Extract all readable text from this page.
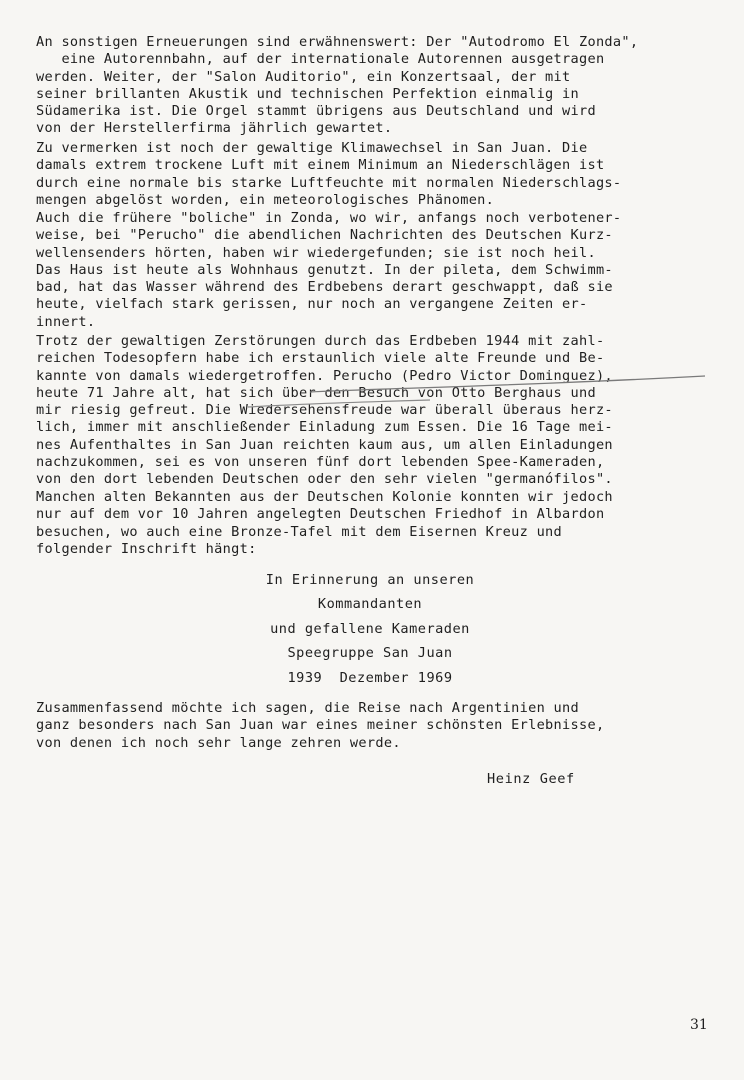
An sonstigen Erneuerungen sind erwähnenswert: Der "Autodromo El Zonda",
eine Autorennbahn, auf der internationale Autorennen ausgetragen
werden. Weiter, der "Salon Auditorio", ein Konzertsaal, der mit
seiner brillanten Akustik und technischen Perfektion einmalig in
Südamerika ist. Die Orgel stammt übrigens aus Deutschland und wird
von der Herstellerfirma jährlich gewartet.

Zu vermerken ist noch der gewaltige Klimawechsel in San Juan. Die
damals extrem trockene Luft mit einem Minimum an Niederschlägen ist
durch eine normale bis starke Luftfeuchte mit normalen Niederschlags-
mengen abgelöst worden, ein meteorologisches Phänomen.

Auch die frühere "boliche" in Zonda, wo wir, anfangs noch verbotener-
weise, bei "Perucho" die abendlichen Nachrichten des Deutschen Kurz-
wellensenders hörten, haben wir wiedergefunden; sie ist noch heil.
Das Haus ist heute als Wohnhaus genutzt. In der pileta, dem Schwimm-
bad, hat das Wasser während des Erdbebens derart geschwappt, daß sie
heute, vielfach stark gerissen, nur noch an vergangene Zeiten er-
innert.

Trotz der gewaltigen Zerstörungen durch das Erdbeben 1944 mit zahl-
reichen Todesopfern habe ich erstaunlich viele alte Freunde und Be-
kannte von damals wiedergetroffen. Perucho (Pedro Victor Dominguez),
heute 71 Jahre alt, hat sich über den Besuch von Otto Berghaus und
mir riesig gefreut. Die Wiedersehensfreude war überall überaus herz-
lich, immer mit anschließender Einladung zum Essen. Die 16 Tage mei-
nes Aufenthaltes in San Juan reichten kaum aus, um allen Einladungen
nachzukommen, sei es von unseren fünf dort lebenden Spee-Kameraden,
von den dort lebenden Deutschen oder den sehr vielen "germanófilos".

Manchen alten Bekannten aus der Deutschen Kolonie konnten wir jedoch
nur auf dem vor 10 Jahren angelegten Deutschen Friedhof in Albardon
besuchen, wo auch eine Bronze-Tafel mit dem Eisernen Kreuz und
folgender Inschrift hängt:

In Erinnerung an unseren
Kommandanten
und gefallene Kameraden
Speegruppe San Juan
1939  Dezember 1969

Zusammenfassend möchte ich sagen, die Reise nach Argentinien und
ganz besonders nach San Juan war eines meiner schönsten Erlebnisse,
von denen ich noch sehr lange zehren werde.

Heinz Geef
31
